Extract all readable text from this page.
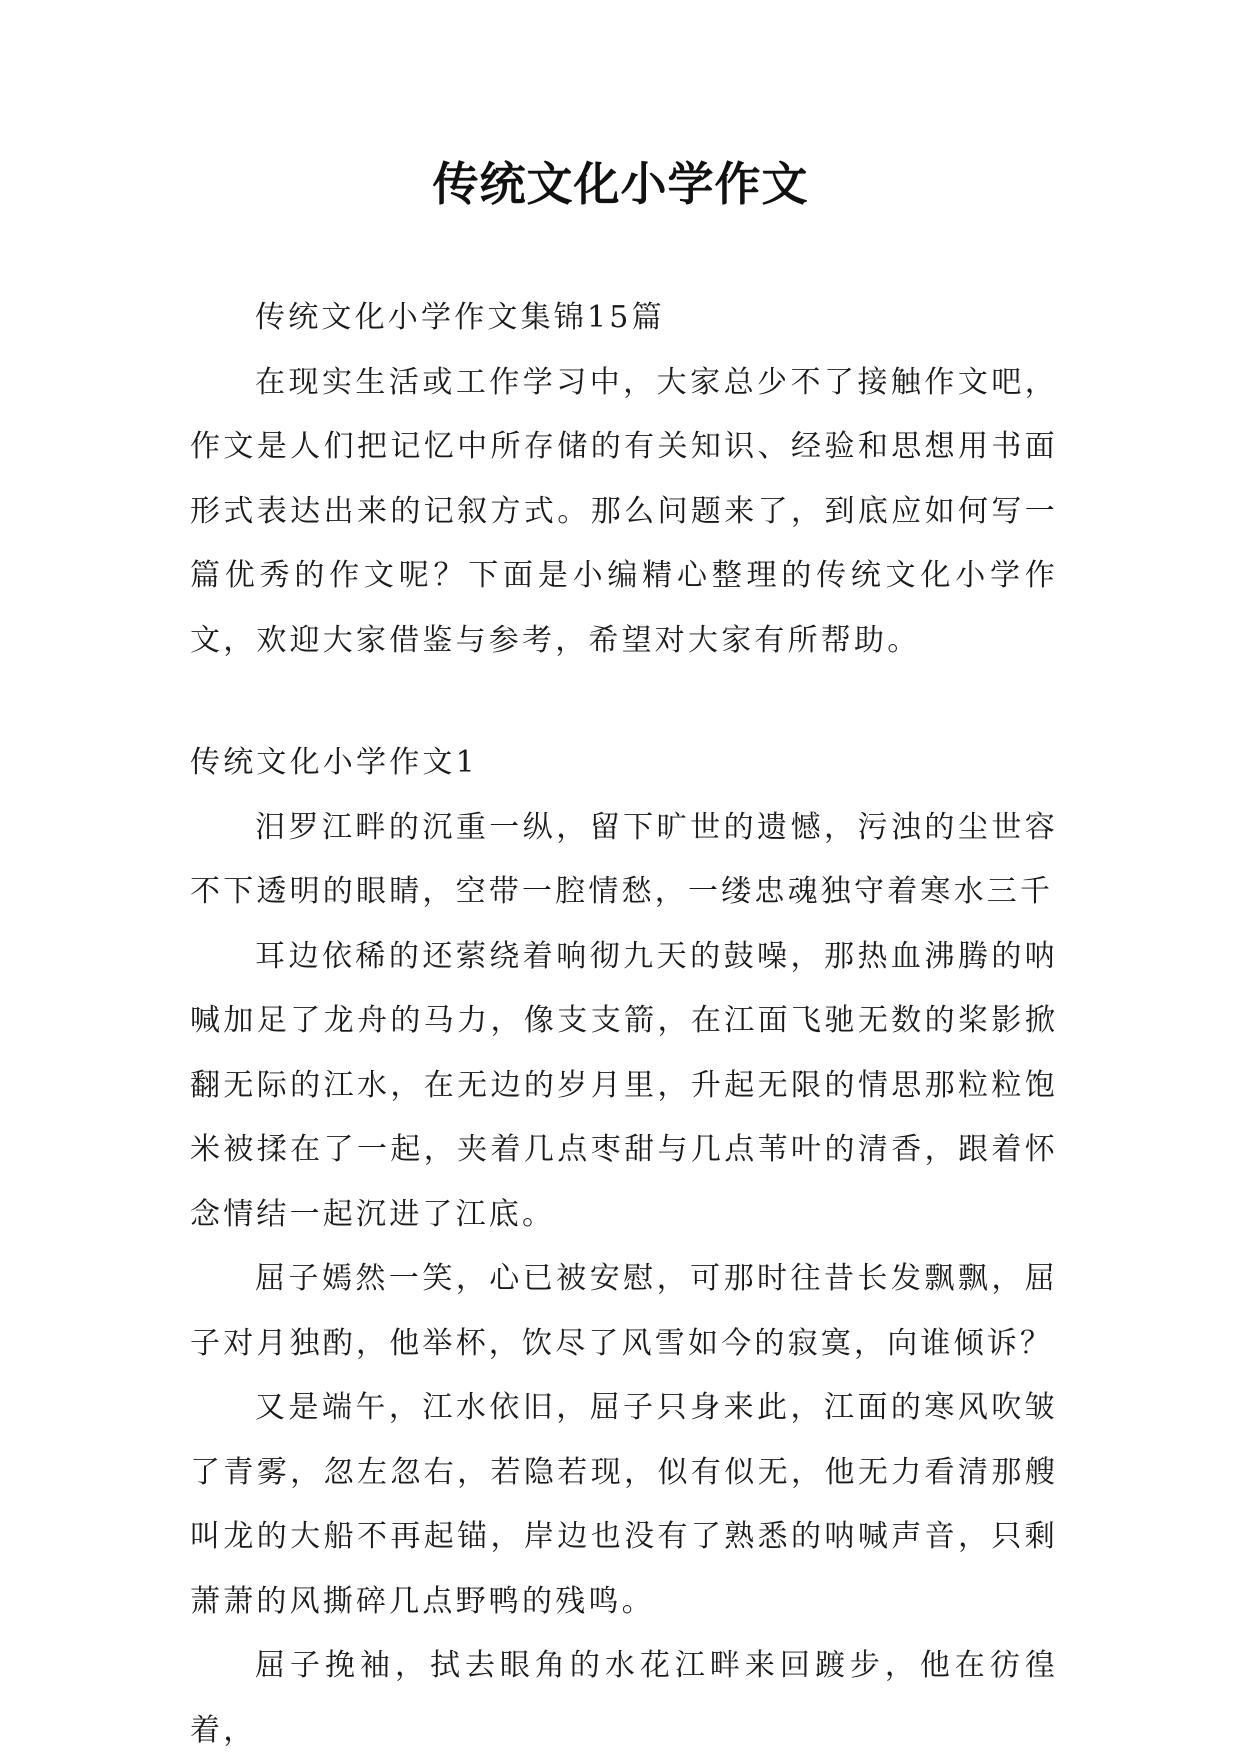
传统文化小学作文

传统文化小学作文集锦15篇

在现实生活或工作学习中，大家总少不了接触作文吧，作文是人们把记忆中所存储的有关知识、经验和思想用书面形式表达出来的记叙方式。那么问题来了，到底应如何写一篇优秀的作文呢？下面是小编精心整理的传统文化小学作文，欢迎大家借鉴与参考，希望对大家有所帮助。

传统文化小学作文1

汨罗江畔的沉重一纵，留下旷世的遗憾，污浊的尘世容不下透明的眼睛，空带一腔情愁，一缕忠魂独守着寒水三千

耳边依稀的还萦绕着响彻九天的鼓噪，那热血沸腾的呐喊加足了龙舟的马力，像支支箭，在江面飞驰无数的桨影掀翻无际的江水，在无边的岁月里，升起无限的情思那粒粒饱米被揉在了一起，夹着几点枣甜与几点苇叶的清香，跟着怀念情结一起沉进了江底。

屈子嫣然一笑，心已被安慰，可那时往昔长发飘飘，屈子对月独酌，他举杯，饮尽了风雪如今的寂寞，向谁倾诉？

又是端午，江水依旧，屈子只身来此，江面的寒风吹皱了青雾，忽左忽右，若隐若现，似有似无，他无力看清那艘叫龙的大船不再起锚，岸边也没有了熟悉的呐喊声音，只剩萧萧的风撕碎几点野鸭的残鸣。

屈子挽袖，拭去眼角的水花江畔来回踱步，他在彷徨着，
